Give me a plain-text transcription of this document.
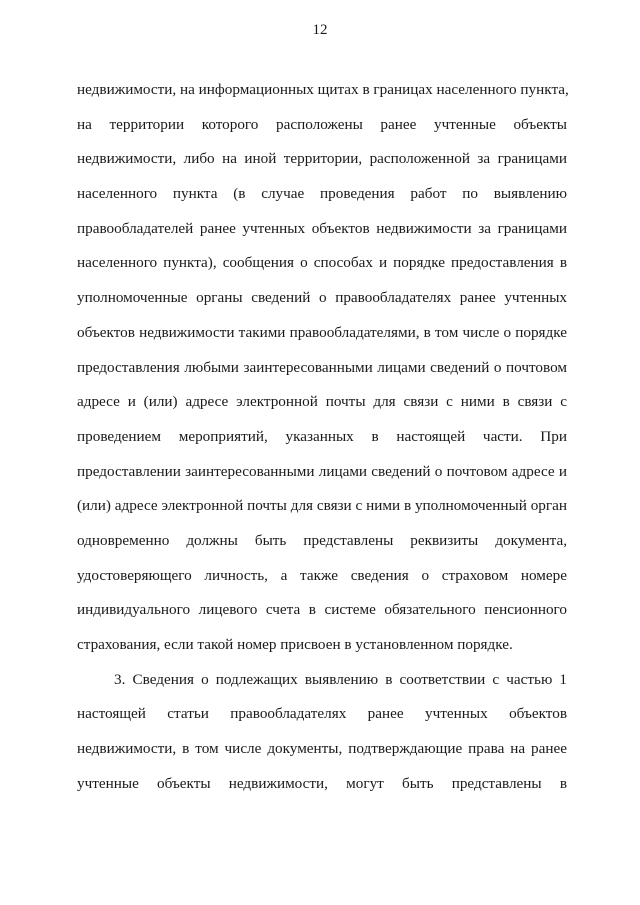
12
недвижимости, на информационных щитах в границах населенного пункта,
на территории которого расположены ранее учтенные объекты
недвижимости, либо на иной территории, расположенной за границами
населенного пункта (в случае проведения работ по выявлению
правообладателей ранее учтенных объектов недвижимости за границами
населенного пункта), сообщения о способах и порядке предоставления в
уполномоченные органы сведений о правообладателях ранее учтенных
объектов недвижимости такими правообладателями, в том числе о порядке
предоставления любыми заинтересованными лицами сведений о почтовом
адресе и (или) адресе электронной почты для связи с ними в связи с
проведением мероприятий, указанных в настоящей части. При
предоставлении заинтересованными лицами сведений о почтовом адресе и
(или) адресе электронной почты для связи с ними в уполномоченный орган
одновременно должны быть представлены реквизиты документа,
удостоверяющего личность, а также сведения о страховом номере
индивидуального лицевого счета в системе обязательного пенсионного
страхования, если такой номер присвоен в установленном порядке.
3. Сведения о подлежащих выявлению в соответствии с частью 1
настоящей статьи правообладателях ранее учтенных объектов
недвижимости, в том числе документы, подтверждающие права на ранее
учтенные объекты недвижимости, могут быть представлены в
